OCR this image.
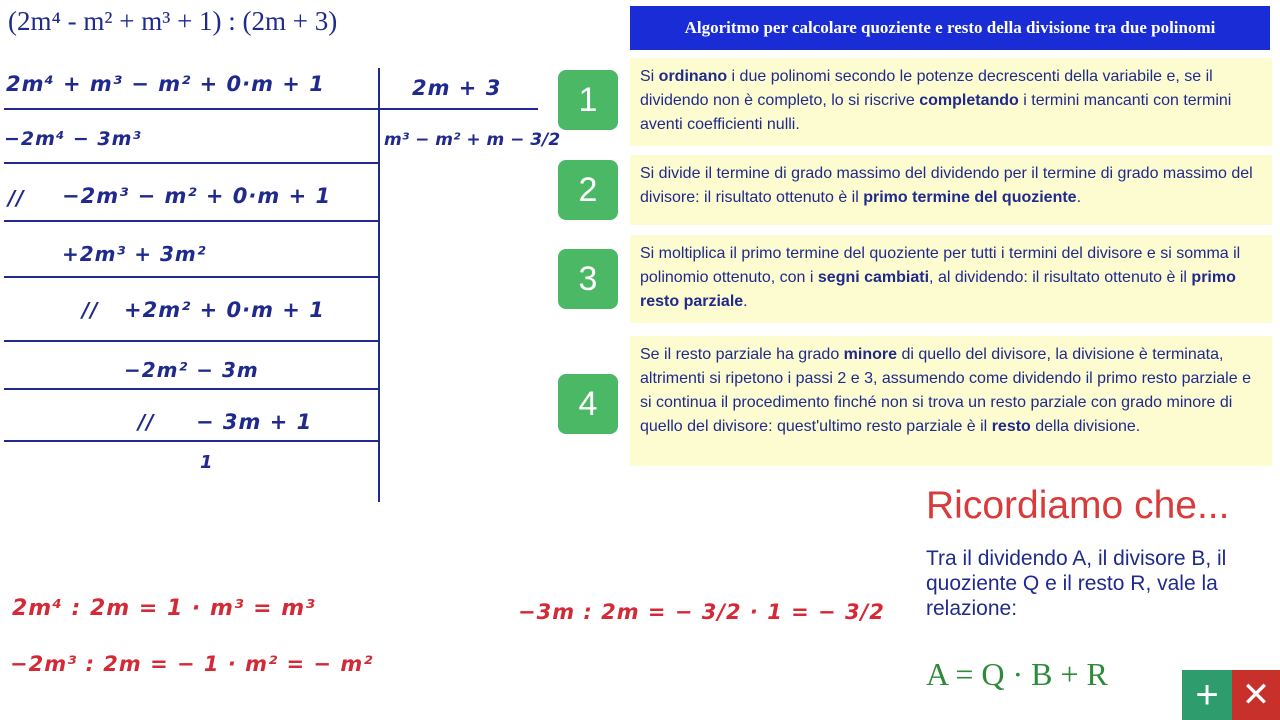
(2m⁴ - m² + m³ + 1) : (2m + 3)
2m⁴ + m³ − m² + 0·m + 1	2m + 3
−2m⁴ − 3m³	m³ − m² + m − 3/2
// −2m³ − m² + 0·m + 1
+2m³ + 3m²
// +2m² + 0·m + 1
−2m² − 3m
// − 3m + 1
1
2m⁴ : 2m = 1 · m³ = m³
−2m³ : 2m = − 1 · m² = − m²
−3m : 2m = − 3/2 · 1 = − 3/2
Algoritmo per calcolare quoziente e resto della divisione tra due polinomi
1
Si ordinano i due polinomi secondo le potenze decrescenti della variabile e, se il dividendo non è completo, lo si riscrive completando i termini mancanti con termini aventi coefficienti nulli.
2	Si divide il termine di grado massimo del dividendo per il termine di grado massimo del divisore: il risultato ottenuto è il primo termine del quoziente.
3
Si moltiplica il primo termine del quoziente per tutti i termini del divisore e si somma il polinomio ottenuto, con i segni cambiati, al dividendo: il risultato ottenuto è il primo resto parziale.
4
Se il resto parziale ha grado minore di quello del divisore, la divisione è terminata, altrimenti si ripetono i passi 2 e 3, assumendo come dividendo il primo resto parziale e si continua il procedimento finché non si trova un resto parziale con grado minore di quello del divisore: quest'ultimo resto parziale è il resto della divisione.
Ricordiamo che...
Tra il dividendo A, il divisore B, il quoziente Q e il resto R, vale la relazione:
A = Q · B + R	+ ✕
